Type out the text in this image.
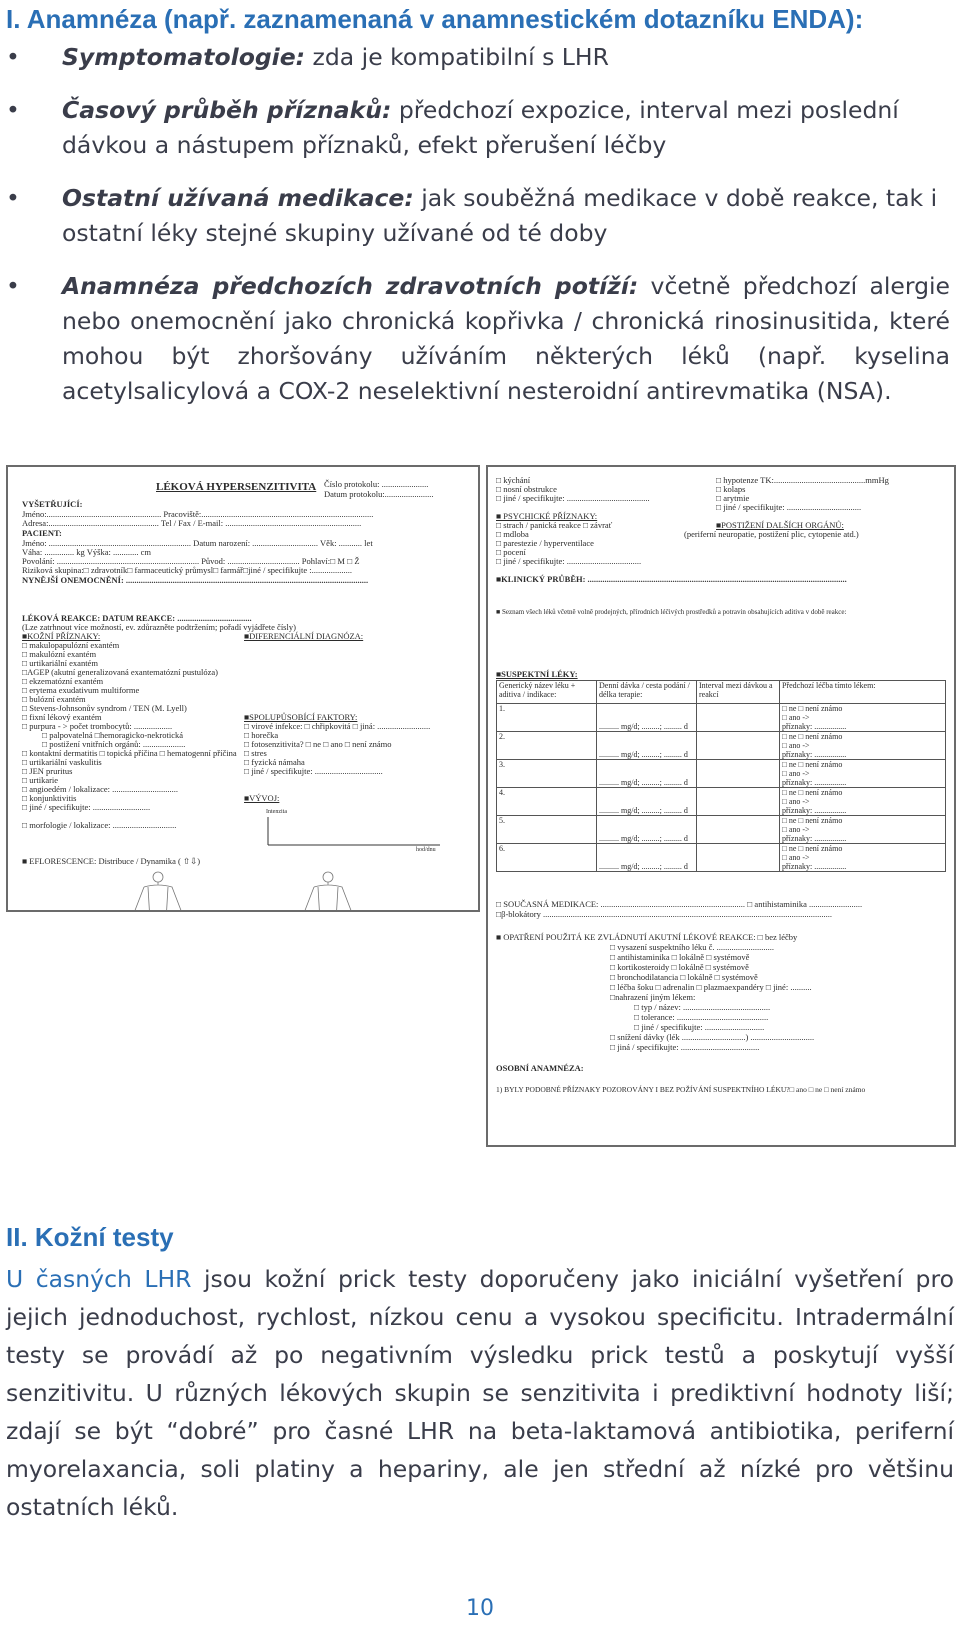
I. Anamnéza (např. zaznamenaná v anamnestickém dotazníku ENDA):
• Symptomatologie: zda je kompatibilní s LHR
• Časový průběh příznaků: předchozí expozice, interval mezi poslední dávkou a nástupem příznaků, efekt přerušení léčby
• Ostatní užívaná medikace: jak souběžná medikace v době reakce, tak i ostatní léky stejné skupiny užívané od té doby
• Anamnéza předchozích zdravotních potíží: včetně předchozí alergie nebo onemocnění jako chronická kopřivka / chronická rinosinusitida, které mohou být zhoršovány užíváním některých léků (např. kyselina acetylsalicylová a COX-2 neselektivní nesteroidní antirevmatika (NSA).
LÉKOVÁ HYPERSENZITIVITA Číslo protokolu: ......................
Datum protokolu:.......................
VYŠETŘUJÍCÍ:
Jméno:...................................................... Pracoviště:.................................................................................
Adresa:.................................................... Tel / Fax / E-mail: ................................................................
PACIENT:
Jméno: ................................................................... Datum narození: ............................... Věk: ........... let
Váha: .............. kg Výška: ............ cm
Povolání: ................................................................... Původ: .................................. Pohlaví:□ M □ Ž
Riziková skupina:□ zdravotník□ farmaceutický průmysl□ farmář□jiné / specifikujte :...................
NYNĚJŠÍ ONEMOCNĚNÍ: ..................................................................................................................
LÉKOVÁ REAKCE: DATUM REAKCE: ...................................
(Lze zatrhnout více možností, ev. zdůrazněte podtržením; pořadí vyjádřete čísly)
■KOŽNÍ PŘÍZNAKY:	■DIFERENCIÁLNÍ DIAGNÓZA:
□ makulopapulózní exantém
□ makulózní exantém
□ urtikariální exantém
□AGEP (akutní generalizovaná exantematózní pustulóza)
□ ekzematózní exantém
□ erytema exudativum multiforme
□ bulózní exantém
□ Stevens-Johnsonův syndrom / TEN (M. Lyell)
□ fixní lékový exantém
□ purpura - > počet trombocytů: ..................
□ palpovatelná □hemoragicko-nekrotická
□ postižení vnitřních orgánů: ....................
□ kontaktní dermatitis □ topická příčina □ hematogenní příčina
□ urtikariální vaskulitis
□ JEN pruritus
□ urtikarie
□ angioedém / lokalizace: ...............................
□ konjunktivitis
□ jiné / specifikujte: ...........................
□ morfologie / lokalizace: ..............................
■SPOLUPŮSOBÍCÍ FAKTORY:
□ virové infekce: □ chřipkovitá □ jiná: .........................
□ horečka
□ fotosenzitivita? □ ne □ ano □ není známo
□ stres
□ fyzická námaha
□ jiné / specifikujte: ................................
■VÝVOJ:
Intenzita
hod/dnu
■ EFLORESCENCE: Distribuce / Dynamika ( ⇧⇩)
□ kýchání	□ hypotenze TK:...........................................mmHg
□ nosní obstrukce	□ kolaps
□ jiné / specifikujte: .......................................	□ arytmie
□ jiné / specifikujte: ...................................
■ PSYCHICKÉ PŘÍZNAKY:
□ strach / panická reakce □ závrať	■POSTIŽENÍ DALŠÍCH ORGÁNŮ:
□ mdloba	(periferní neuropatie, postižení plic, cytopenie atd.)
□ parestezie / hyperventilace
□ pocení
□ jiné / specifikujte: ...................................
■KLINICKÝ PRŮBĚH: ..........................................................................................................................
■ Seznam všech léků včetně volně prodejných, přírodních léčivých prostředků a potravin obsahujících aditiva v době reakce:
■SUSPEKTNÍ LÉKY:
Generický název léku + aditiva / indikace:	Denní dávka / cesta podání / délka terapie:	Interval mezi dávkou a reakcí	Předchozí léčba tímto lékem:
1.	.......... mg/d; .........; ......... d		□ ne □ není známo
□ ano ->
příznaky: ................

2.	.......... mg/d; .........; ......... d		□ ne □ není známo
□ ano ->
příznaky: ................

3.	.......... mg/d; .........; ......... d		□ ne □ není známo
□ ano ->
příznaky: ................

4.	.......... mg/d; .........; ......... d		□ ne □ není známo
□ ano ->
příznaky: ................

5.	.......... mg/d; .........; ......... d		□ ne □ není známo
□ ano ->
příznaky: ................

6.	.......... mg/d; .........; ......... d		□ ne □ není známo
□ ano ->
příznaky: ................
□ SOUČASNÁ MEDIKACE: .................................................................... □ antihistaminika .........................
□β-blokátory ........................................................................................................................................
■ OPATŘENÍ POUŽITÁ KE ZVLÁDNUTÍ AKUTNÍ LÉKOVÉ REAKCE: □ bez léčby
□ vysazení suspektního léku č. ...........................
□ antihistaminika □ lokálně □ systémově
□ kortikosteroidy □ lokálně □ systémově
□ bronchodilatancia □ lokálně □ systémově
□ léčba šoku □ adrenalin □ plazmaexpandéry □ jiné: ..........
□nahrazení jiným lékem:
□ typ / název: .........................................
□ tolerance: ...........................................
□ jiné / specifikujte: ............................
□ snížení dávky (lék ..............................) ..............................
□ jiná / specifikujte: .....................................
OSOBNÍ ANAMNÉZA:
1) BYLY PODOBNÉ PŘÍZNAKY POZOROVÁNY I BEZ POŽÍVÁNÍ SUSPEKTNÍHO LÉKU?□ ano □ ne □ není známo
II. Kožní testy

U časných LHR jsou kožní prick testy doporučeny jako iniciální vyšetření pro jejich jednoduchost, rychlost, nízkou cenu a vysokou specificitu. Intradermální testy se provádí až po negativním výsledku prick testů a poskytují vyšší senzitivitu. U různých lékových skupin se senzitivita i prediktivní hodnoty liší; zdají se být “dobré” pro časné LHR na beta-laktamová antibiotika, periferní myorelaxancia, soli platiny a hepariny, ale jen střední až nízké pro většinu ostatních léků.

10
